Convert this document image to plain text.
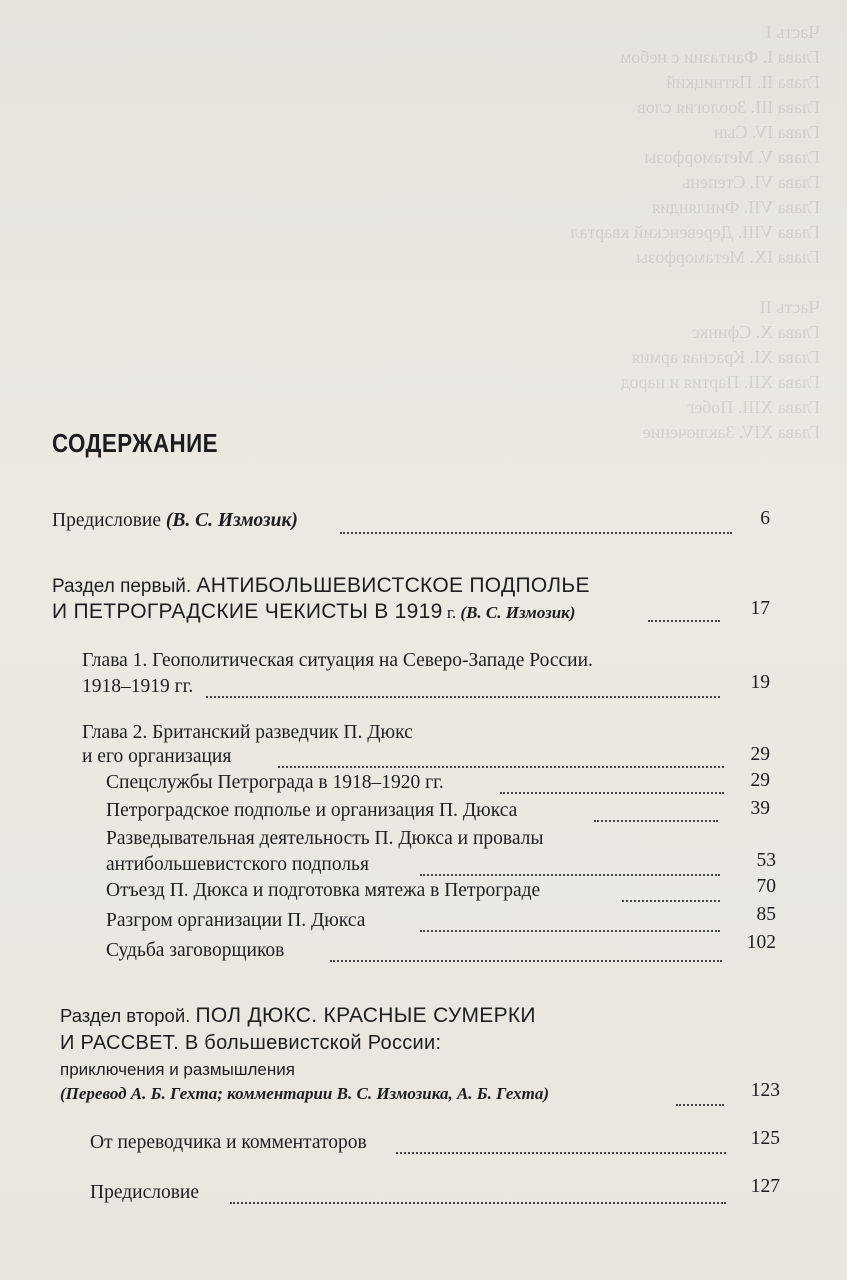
Часть I
Глава I. Фантазии с небом
Глава II. Пятницкий
Глава III. Зоология слов
Глава IV. Сын
Глава V. Метаморфозы
Глава VI. Степень
Глава VII. Финляндия
Глава VIII. Деревенский квартал
Глава IX. Метаморфозы
Часть II
Глава X. Сфинкс
Глава XI. Красная армия
Глава XII. Партия и народ
Глава XIII. Побег
Глава XIV. Заключение
СОДЕРЖАНИЕ
Предисловие (В. С. Измозик)	6
Раздел первый. АНТИБОЛЬШЕВИСТСКОЕ ПОДПОЛЬЕ
И ПЕТРОГРАДСКИЕ ЧЕКИСТЫ В 1919 г. (В. С. Измозик)	17
Глава 1. Геополитическая ситуация на Северо-Западе России.
1918–1919 гг.	19
Глава 2. Британский разведчик П. Дюкс
и его организация	29
Спецслужбы Петрограда в 1918–1920 гг.	29
Петроградское подполье и организация П. Дюкса	39
Разведывательная деятельность П. Дюкса и провалы
антибольшевистского подполья	53
Отъезд П. Дюкса и подготовка мятежа в Петрограде	70
Разгром организации П. Дюкса	85
Судьба заговорщиков	102
Раздел второй. ПОЛ ДЮКС. КРАСНЫЕ СУМЕРКИ
И РАССВЕТ. В большевистской России:
приключения и размышления
(Перевод А. Б. Гехта; комментарии В. С. Измозика, А. Б. Гехта)	123
От переводчика и комментаторов	125
Предисловие	127
